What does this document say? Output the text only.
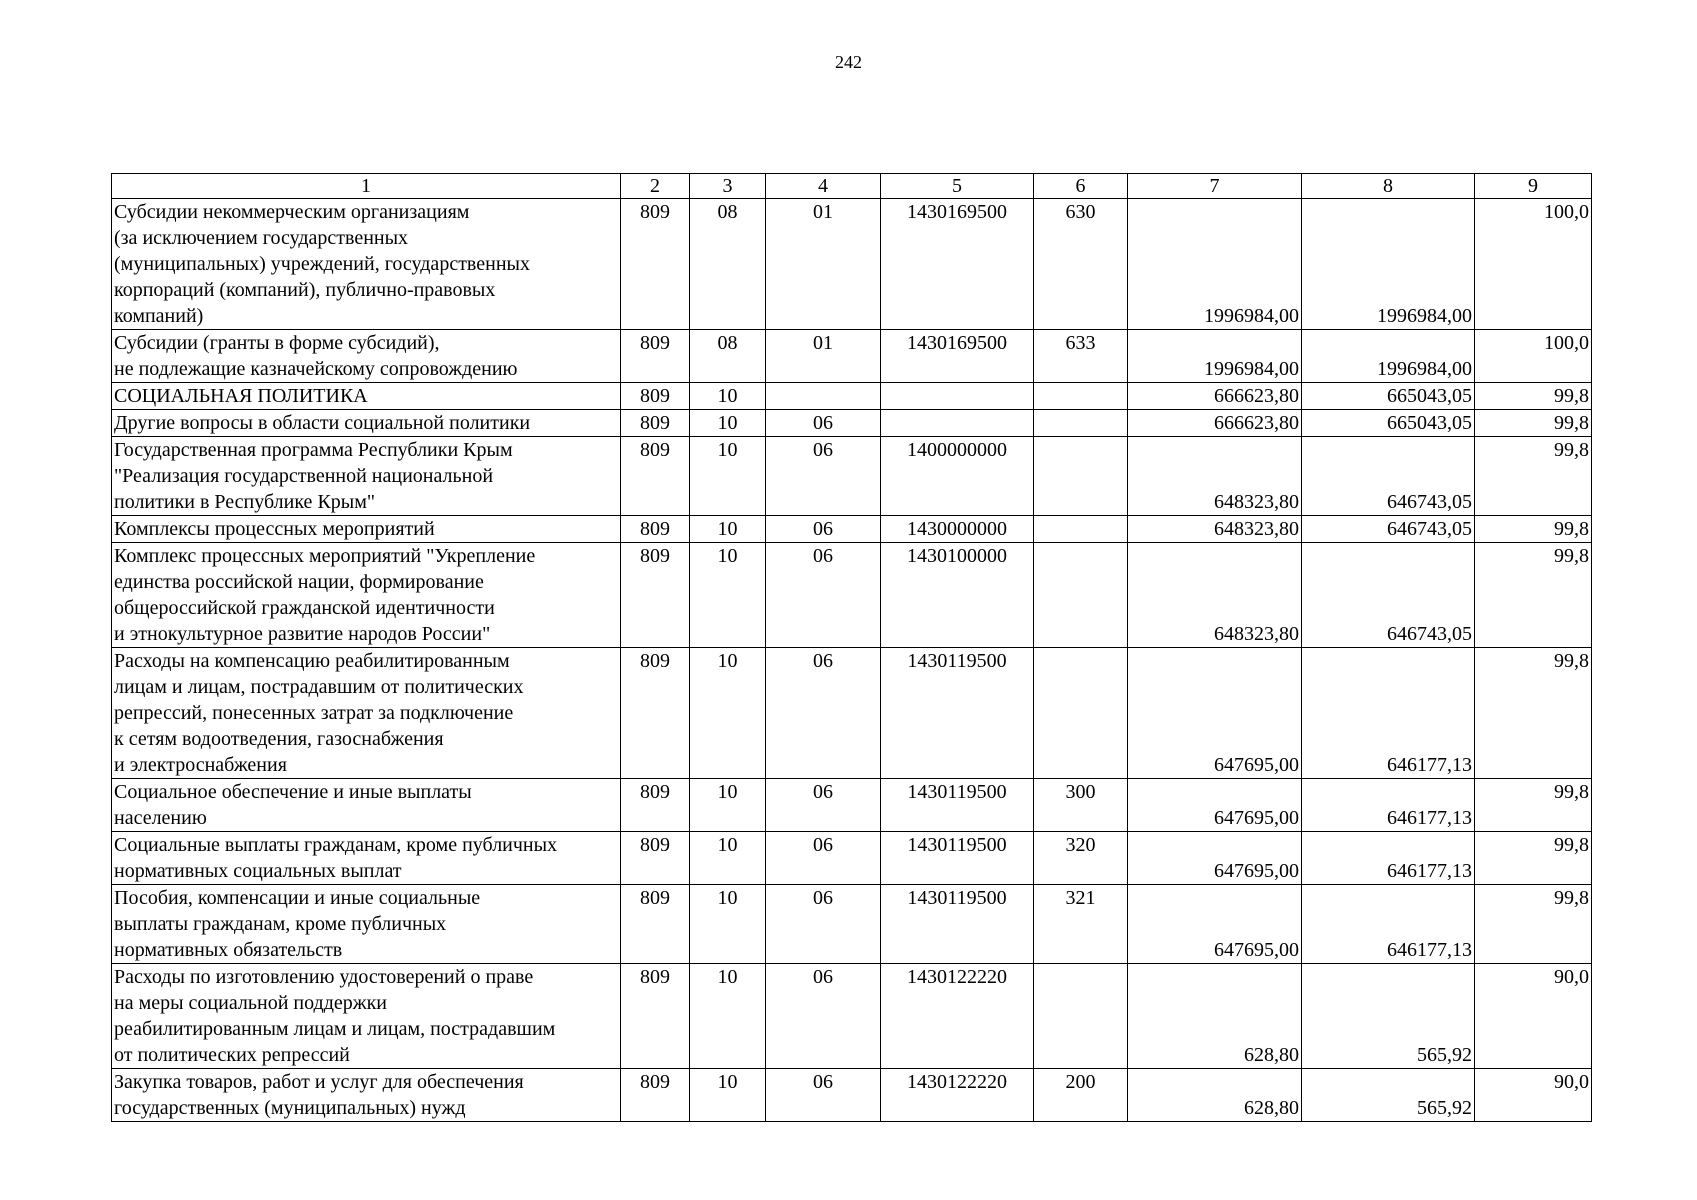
242
1	2	3	4	5	6	7	8	9
Субсидии некоммерческим организациям
(за исключением государственных
(муниципальных) учреждений, государственных
корпораций (компаний), публично-правовых
компаний)	809	08	01	1430169500	630	1996984,00	1996984,00	100,0
Субсидии (гранты в форме субсидий),
не подлежащие казначейскому сопровождению	809	08	01	1430169500	633	1996984,00	1996984,00	100,0
СОЦИАЛЬНАЯ ПОЛИТИКА	809	10				666623,80	665043,05	99,8
Другие вопросы в области социальной политики	809	10	06			666623,80	665043,05	99,8
Государственная программа Республики Крым
"Реализация государственной национальной
политики в Республике Крым"	809	10	06	1400000000		648323,80	646743,05	99,8
Комплексы процессных мероприятий	809	10	06	1430000000		648323,80	646743,05	99,8
Комплекс процессных мероприятий "Укрепление
единства российской нации, формирование
общероссийской гражданской идентичности
и этнокультурное развитие народов России"	809	10	06	1430100000		648323,80	646743,05	99,8
Расходы на компенсацию реабилитированным
лицам и лицам, пострадавшим от политических
репрессий, понесенных затрат за подключение
к сетям водоотведения, газоснабжения
и электроснабжения	809	10	06	1430119500		647695,00	646177,13	99,8
Социальное обеспечение и иные выплаты
населению	809	10	06	1430119500	300	647695,00	646177,13	99,8
Социальные выплаты гражданам, кроме публичных
нормативных социальных выплат	809	10	06	1430119500	320	647695,00	646177,13	99,8
Пособия, компенсации и иные социальные
выплаты гражданам, кроме публичных
нормативных обязательств	809	10	06	1430119500	321	647695,00	646177,13	99,8
Расходы по изготовлению удостоверений о праве
на меры социальной поддержки
реабилитированным лицам и лицам, пострадавшим
от политических репрессий	809	10	06	1430122220		628,80	565,92	90,0
Закупка товаров, работ и услуг для обеспечения
государственных (муниципальных) нужд	809	10	06	1430122220	200	628,80	565,92	90,0
